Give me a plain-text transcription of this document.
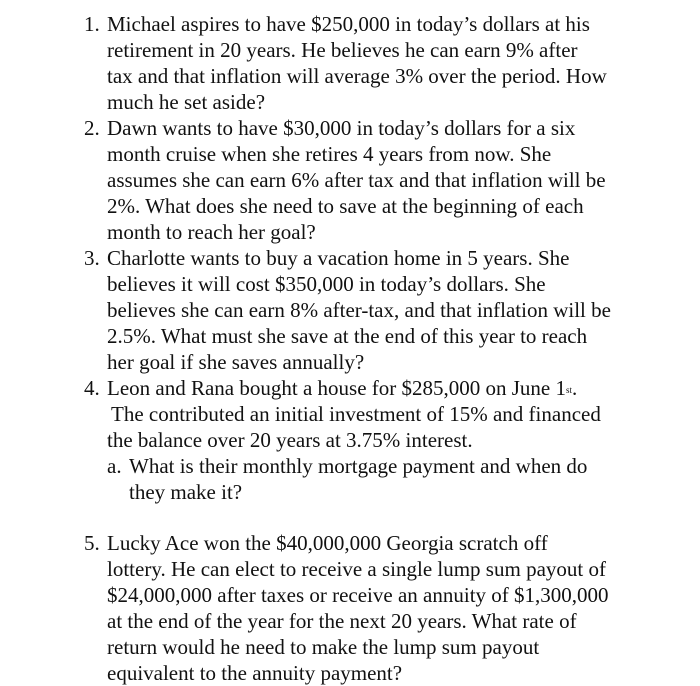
1. Michael aspires to have $250,000 in today’s dollars at his
retirement in 20 years. He believes he can earn 9% after
tax and that inflation will average 3% over the period. How
much he set aside?
2. Dawn wants to have $30,000 in today’s dollars for a six
month cruise when she retires 4 years from now. She
assumes she can earn 6% after tax and that inflation will be
2%. What does she need to save at the beginning of each
month to reach her goal?
3. Charlotte wants to buy a vacation home in 5 years. She
believes it will cost $350,000 in today’s dollars. She
believes she can earn 8% after-tax, and that inflation will be
2.5%. What must she save at the end of this year to reach
her goal if she saves annually?
4. Leon and Rana bought a house for $285,000 on June 1st.
The contributed an initial investment of 15% and financed
the balance over 20 years at 3.75% interest.
a. What is their monthly mortgage payment and when do
they make it?
5. Lucky Ace won the $40,000,000 Georgia scratch off
lottery. He can elect to receive a single lump sum payout of
$24,000,000 after taxes or receive an annuity of $1,300,000
at the end of the year for the next 20 years. What rate of
return would he need to make the lump sum payout
equivalent to the annuity payment?
